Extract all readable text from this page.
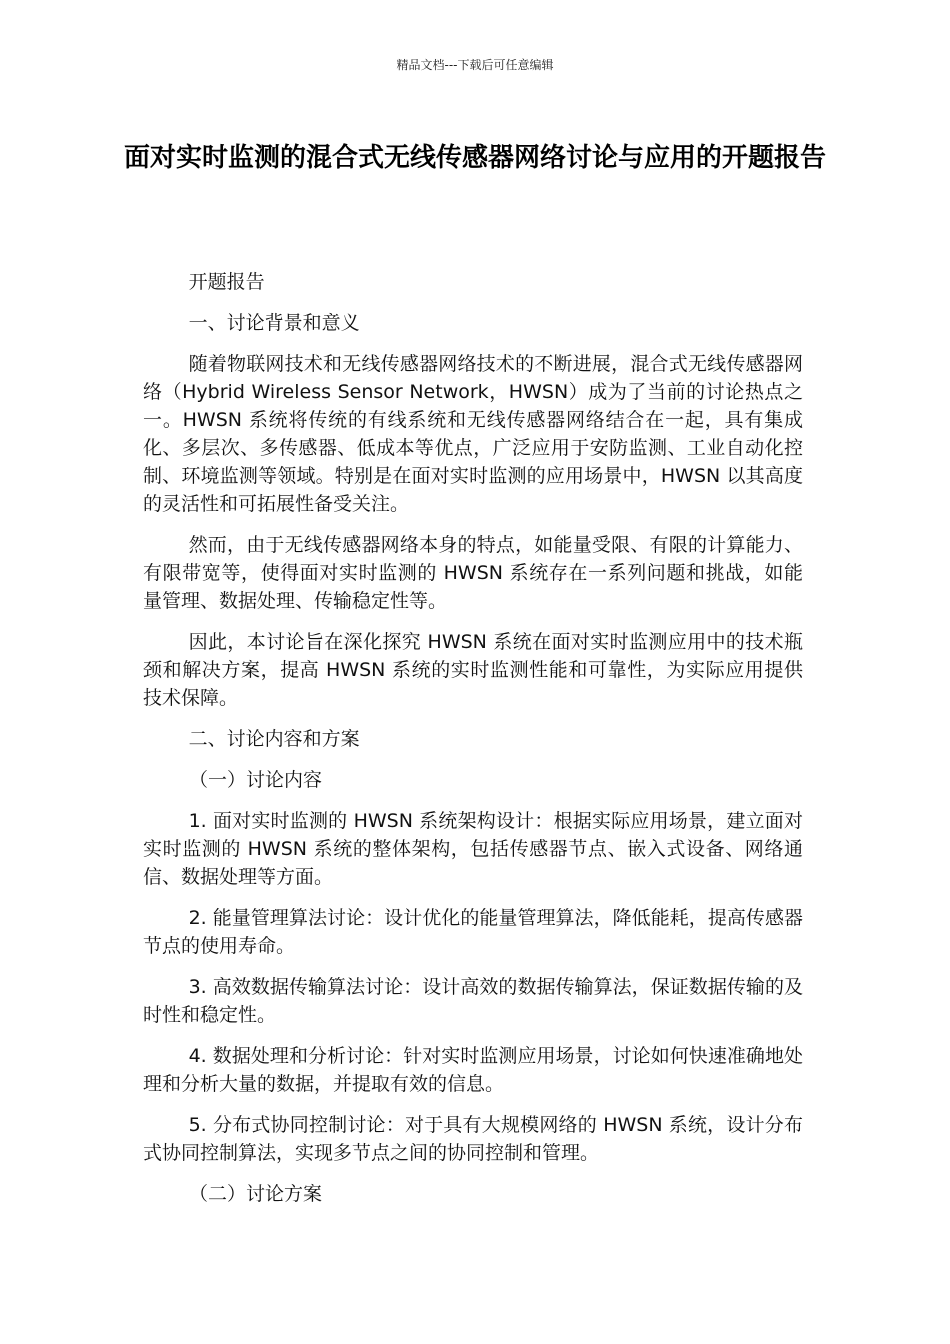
精品文档---下载后可任意编辑
面对实时监测的混合式无线传感器网络讨论与应用的开题报告
开题报告
一、讨论背景和意义

随着物联网技术和无线传感器网络技术的不断进展，混合式无线传感器网络（Hybrid Wireless Sensor Network，HWSN）成为了当前的讨论热点之一。HWSN 系统将传统的有线系统和无线传感器网络结合在一起，具有集成化、多层次、多传感器、低成本等优点，广泛应用于安防监测、工业自动化控制、环境监测等领域。特别是在面对实时监测的应用场景中，HWSN 以其高度的灵活性和可拓展性备受关注。

然而，由于无线传感器网络本身的特点，如能量受限、有限的计算能力、有限带宽等，使得面对实时监测的 HWSN 系统存在一系列问题和挑战，如能量管理、数据处理、传输稳定性等。

因此，本讨论旨在深化探究 HWSN 系统在面对实时监测应用中的技术瓶颈和解决方案，提高 HWSN 系统的实时监测性能和可靠性，为实际应用提供技术保障。

二、讨论内容和方案
（一）讨论内容

1. 面对实时监测的 HWSN 系统架构设计：根据实际应用场景，建立面对实时监测的 HWSN 系统的整体架构，包括传感器节点、嵌入式设备、网络通信、数据处理等方面。

2. 能量管理算法讨论：设计优化的能量管理算法，降低能耗，提高传感器节点的使用寿命。

3. 高效数据传输算法讨论：设计高效的数据传输算法，保证数据传输的及时性和稳定性。

4. 数据处理和分析讨论：针对实时监测应用场景，讨论如何快速准确地处理和分析大量的数据，并提取有效的信息。

5. 分布式协同控制讨论：对于具有大规模网络的 HWSN 系统，设计分布式协同控制算法，实现多节点之间的协同控制和管理。

（二）讨论方案
